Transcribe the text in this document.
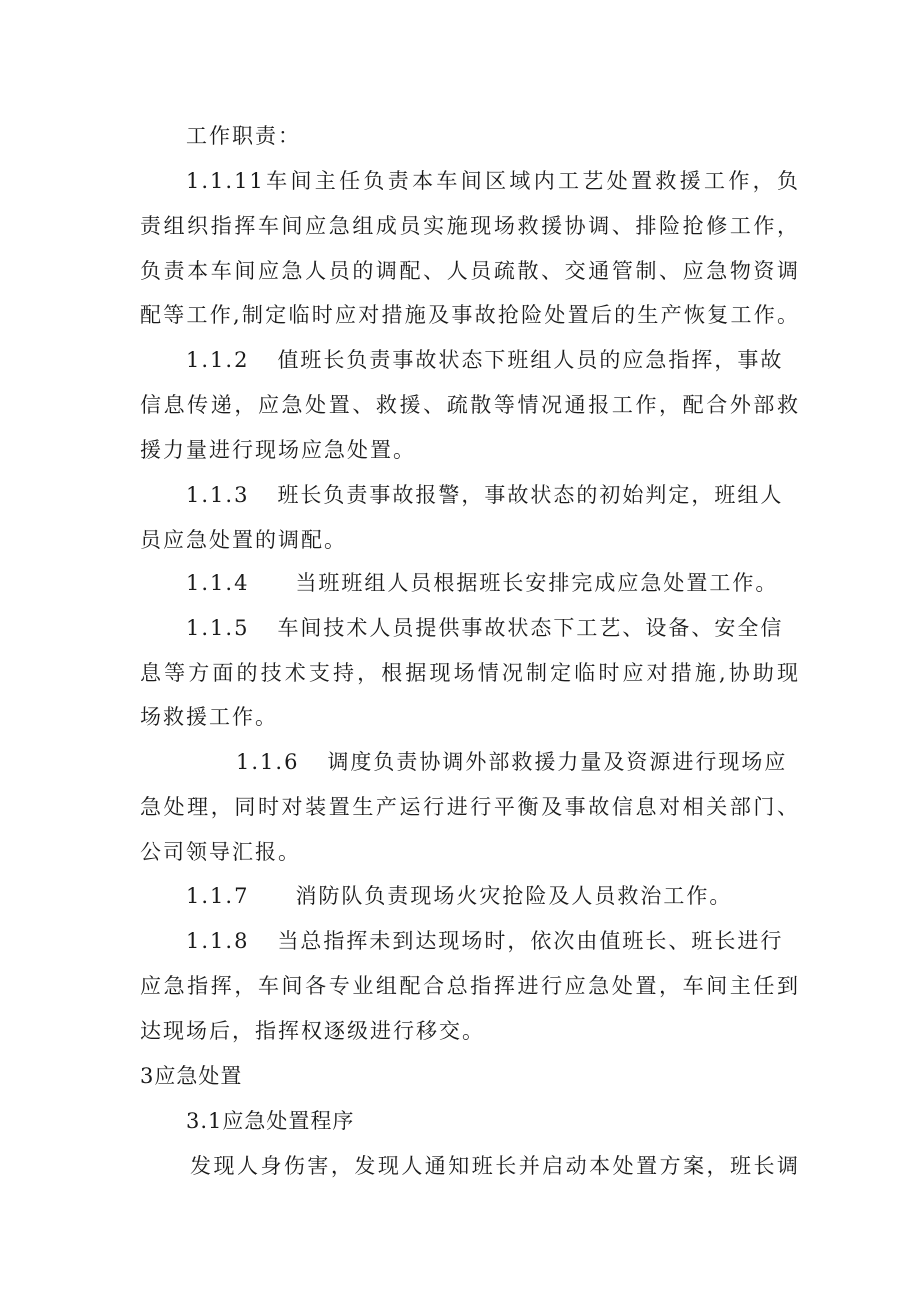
工作职责：
1.1.11车间主任负责本车间区域内工艺处置救援工作，负
责组织指挥车间应急组成员实施现场救援协调、排险抢修工作，
负责本车间应急人员的调配、人员疏散、交通管制、应急物资调
配等工作,制定临时应对措施及事故抢险处置后的生产恢复工作。
1.1.2 值班长负责事故状态下班组人员的应急指挥，事故
信息传递，应急处置、救援、疏散等情况通报工作，配合外部救
援力量进行现场应急处置。
1.1.3 班长负责事故报警，事故状态的初始判定，班组人
员应急处置的调配。
1.1.4 当班班组人员根据班长安排完成应急处置工作。
1.1.5 车间技术人员提供事故状态下工艺、设备、安全信
息等方面的技术支持，根据现场情况制定临时应对措施,协助现
场救援工作。
1.1.6 调度负责协调外部救援力量及资源进行现场应
急处理，同时对装置生产运行进行平衡及事故信息对相关部门、
公司领导汇报。
1.1.7 消防队负责现场火灾抢险及人员救治工作。
1.1.8 当总指挥未到达现场时，依次由值班长、班长进行
应急指挥，车间各专业组配合总指挥进行应急处置，车间主任到
达现场后，指挥权逐级进行移交。
3应急处置
3.1应急处置程序
发现人身伤害，发现人通知班长并启动本处置方案，班长调
